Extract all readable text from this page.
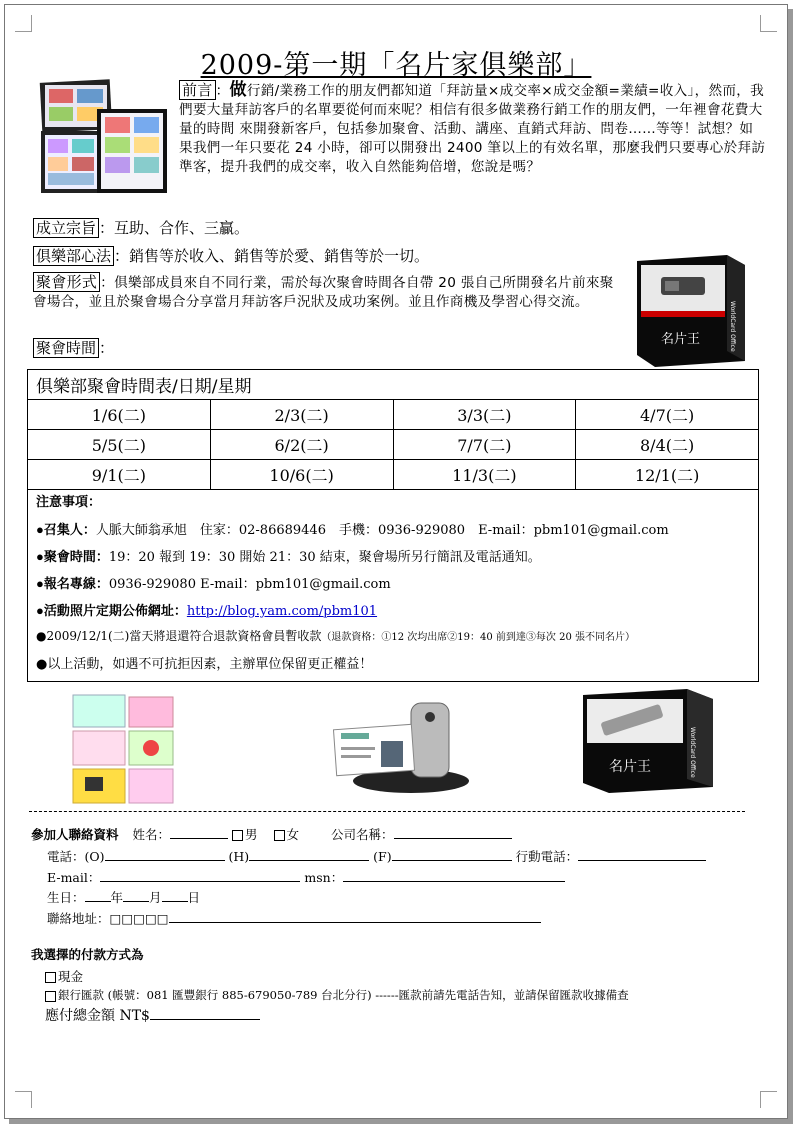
2009-第一期「名片家俱樂部」
前言 ：做行銷/業務工作的朋友們都知道「拜訪量×成交率×成交金額=業績=收入」，然而，我們要大量拜訪客戶的名單要從何而來呢？相信有很多做業務行銷工作的朋友們，一年裡會花費大量的時間 來開發新客戶，包括參加聚會、活動、講座、直銷式拜訪、問卷……等等！試想？如果我們一年只要花 24 小時，卻可以開發出 2400 筆以上的有效名單，那麼我們只要專心於拜訪準客，提升我們的成交率，收入自然能夠倍增，您說是嗎？
成立宗旨 ：互助、合作、三贏。
俱樂部心法 ：銷售等於收入、銷售等於愛、銷售等於一切。
聚會形式 ：俱樂部成員來自不同行業，需於每次聚會時間各自帶 20 張自己所開發名片前來聚會場合，並且於聚會場合分享當月拜訪客戶況狀及成功案例。並且作商機及學習心得交流。
聚會時間 ：	名片王	WorldCard Office
俱樂部聚會時間表/日期/星期
1/6(二)	2/3(二)	3/3(二)	4/7(二)
5/5(二)	6/2(二)	7/7(二)	8/4(二)
9/1(二)	10/6(二)	11/3(二)	12/1(二)
注意事項：
●召集人：人脈大師翁承旭　住家：02-86689446　手機：0936-929080　E-mail：pbm101@gmail.com
●聚會時間：19：20 報到 19：30 開始 21：30 結束，聚會場所另行簡訊及電話通知。
●報名專線：0936-929080 E-mail：pbm101@gmail.com
●活動照片定期公佈網址：http://blog.yam.com/pbm101
●2009/12/1(二)當天將退還符合退款資格會員暫收款（退款資格：①12 次均出席②19：40 前到達③每次 20 張不同名片）
●以上活動，如遇不可抗拒因素，主辦單位保留更正權益！
名片王	WorldCard Office
參加人聯絡資料 姓名：	男 女	公司名稱：
電話：(O)	(H)	(F)	行動電話：
E-mail：	msn：
生日： 年 月 日
聯絡地址：□□□□□
我選擇的付款方式為
現金
銀行匯款 (帳號：081 匯豐銀行 885-679050-789 台北分行) ------匯款前請先電話告知，並請保留匯款收據備查
應付總金額 NT$
